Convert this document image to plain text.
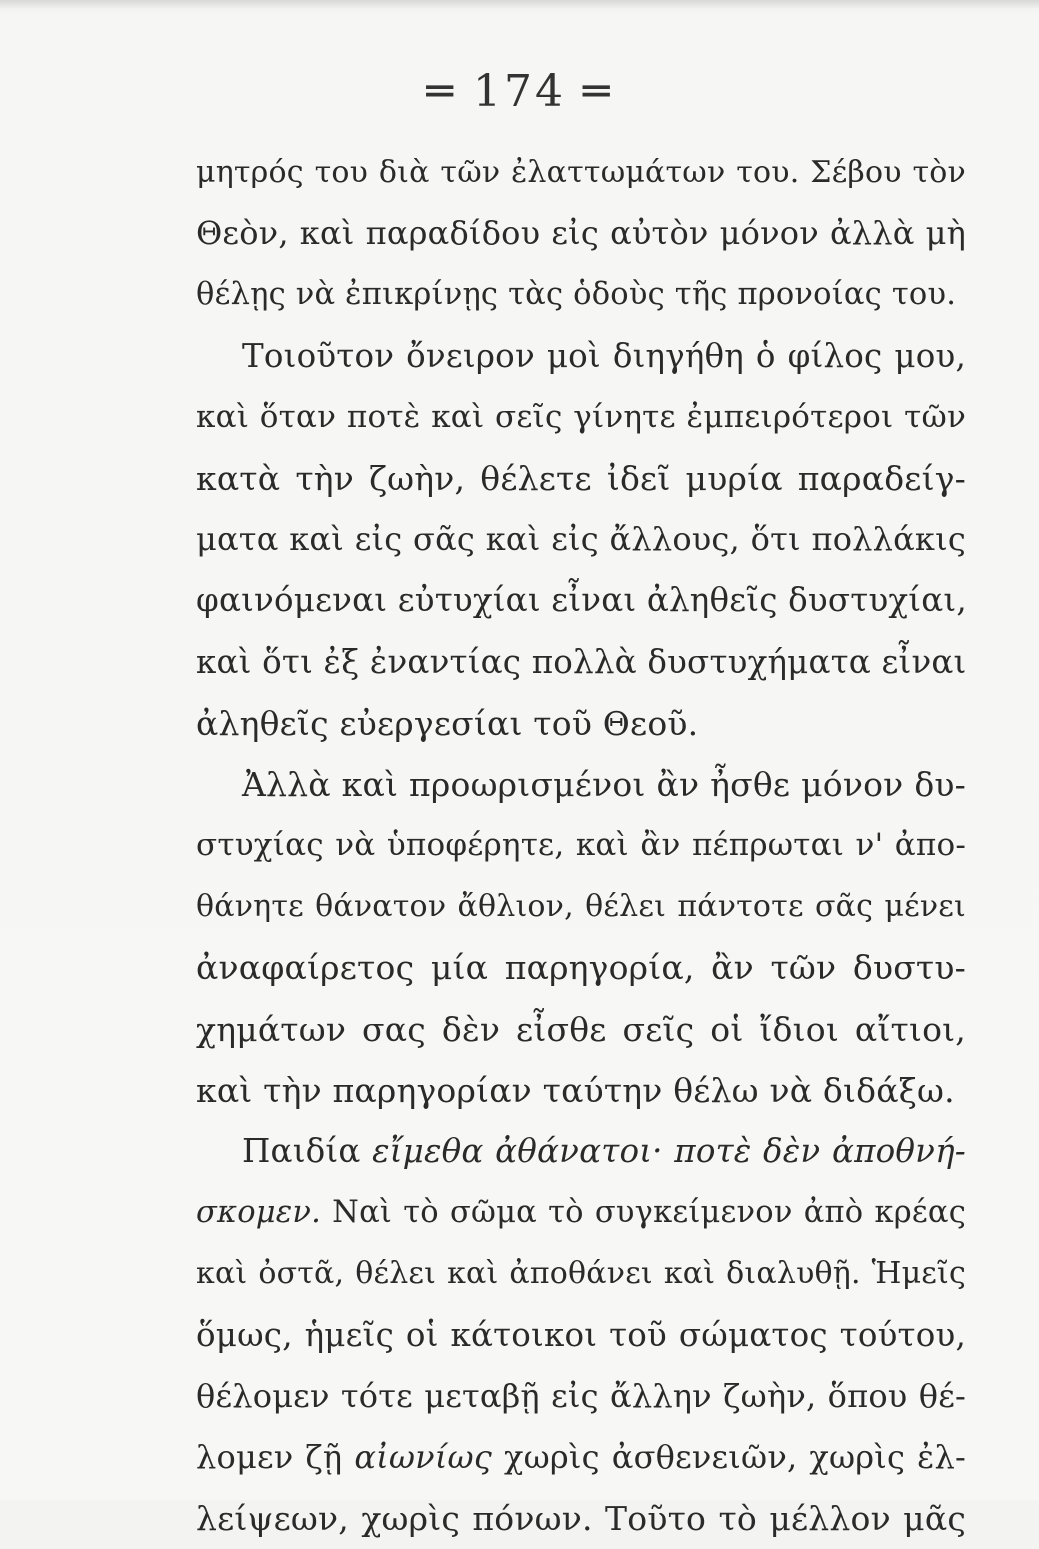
═ 174 ═
μητρός του διὰ τῶν ἐλαττωμάτων του. Σέβου τὸν
Θεὸν, καὶ παραδίδου εἰς αὐτὸν μόνον ἀλλὰ μὴ
θέλῃς νὰ ἐπικρίνῃς τὰς ὁδοὺς τῆς προνοίας του.
Τοιοῦτον ὄνειρον μοὶ διηγήθη ὁ φίλος μου,
καὶ ὅταν ποτὲ καὶ σεῖς γίνητε ἐμπειρότεροι τῶν
κατὰ τὴν ζωὴν, θέλετε ἰδεῖ μυρία παραδείγ-
ματα καὶ εἰς σᾶς καὶ εἰς ἄλλους, ὅτι πολλάκις
φαινόμεναι εὐτυχίαι εἶναι ἀληθεῖς δυστυχίαι,
καὶ ὅτι ἐξ ἐναντίας πολλὰ δυστυχήματα εἶναι
ἀληθεῖς εὐεργεσίαι τοῦ Θεοῦ.
Ἀλλὰ καὶ προωρισμένοι ἂν ἦσθε μόνον δυ-
στυχίας νὰ ὑποφέρητε, καὶ ἂν πέπρωται ν' ἀπο-
θάνητε θάνατον ἄθλιον, θέλει πάντοτε σᾶς μένει
ἀναφαίρετος μία παρηγορία, ἂν τῶν δυστυ-
χημάτων σας δὲν εἶσθε σεῖς οἱ ἴδιοι αἴτιοι,
καὶ τὴν παρηγορίαν ταύτην θέλω νὰ διδάξω.
Παιδία εἴμεθα ἀθάνατοι· ποτὲ δὲν ἀποθνή-
σκομεν. Ναὶ τὸ σῶμα τὸ συγκείμενον ἀπὸ κρέας
καὶ ὀστᾶ, θέλει καὶ ἀποθάνει καὶ διαλυθῇ. Ἡμεῖς
ὅμως, ἡμεῖς οἱ κάτοικοι τοῦ σώματος τούτου,
θέλομεν τότε μεταβῇ εἰς ἄλλην ζωὴν, ὅπου θέ-
λομεν ζῇ αἰωνίως χωρὶς ἀσθενειῶν, χωρὶς ἐλ-
λείψεων, χωρὶς πόνων. Τοῦτο τὸ μέλλον μᾶς
